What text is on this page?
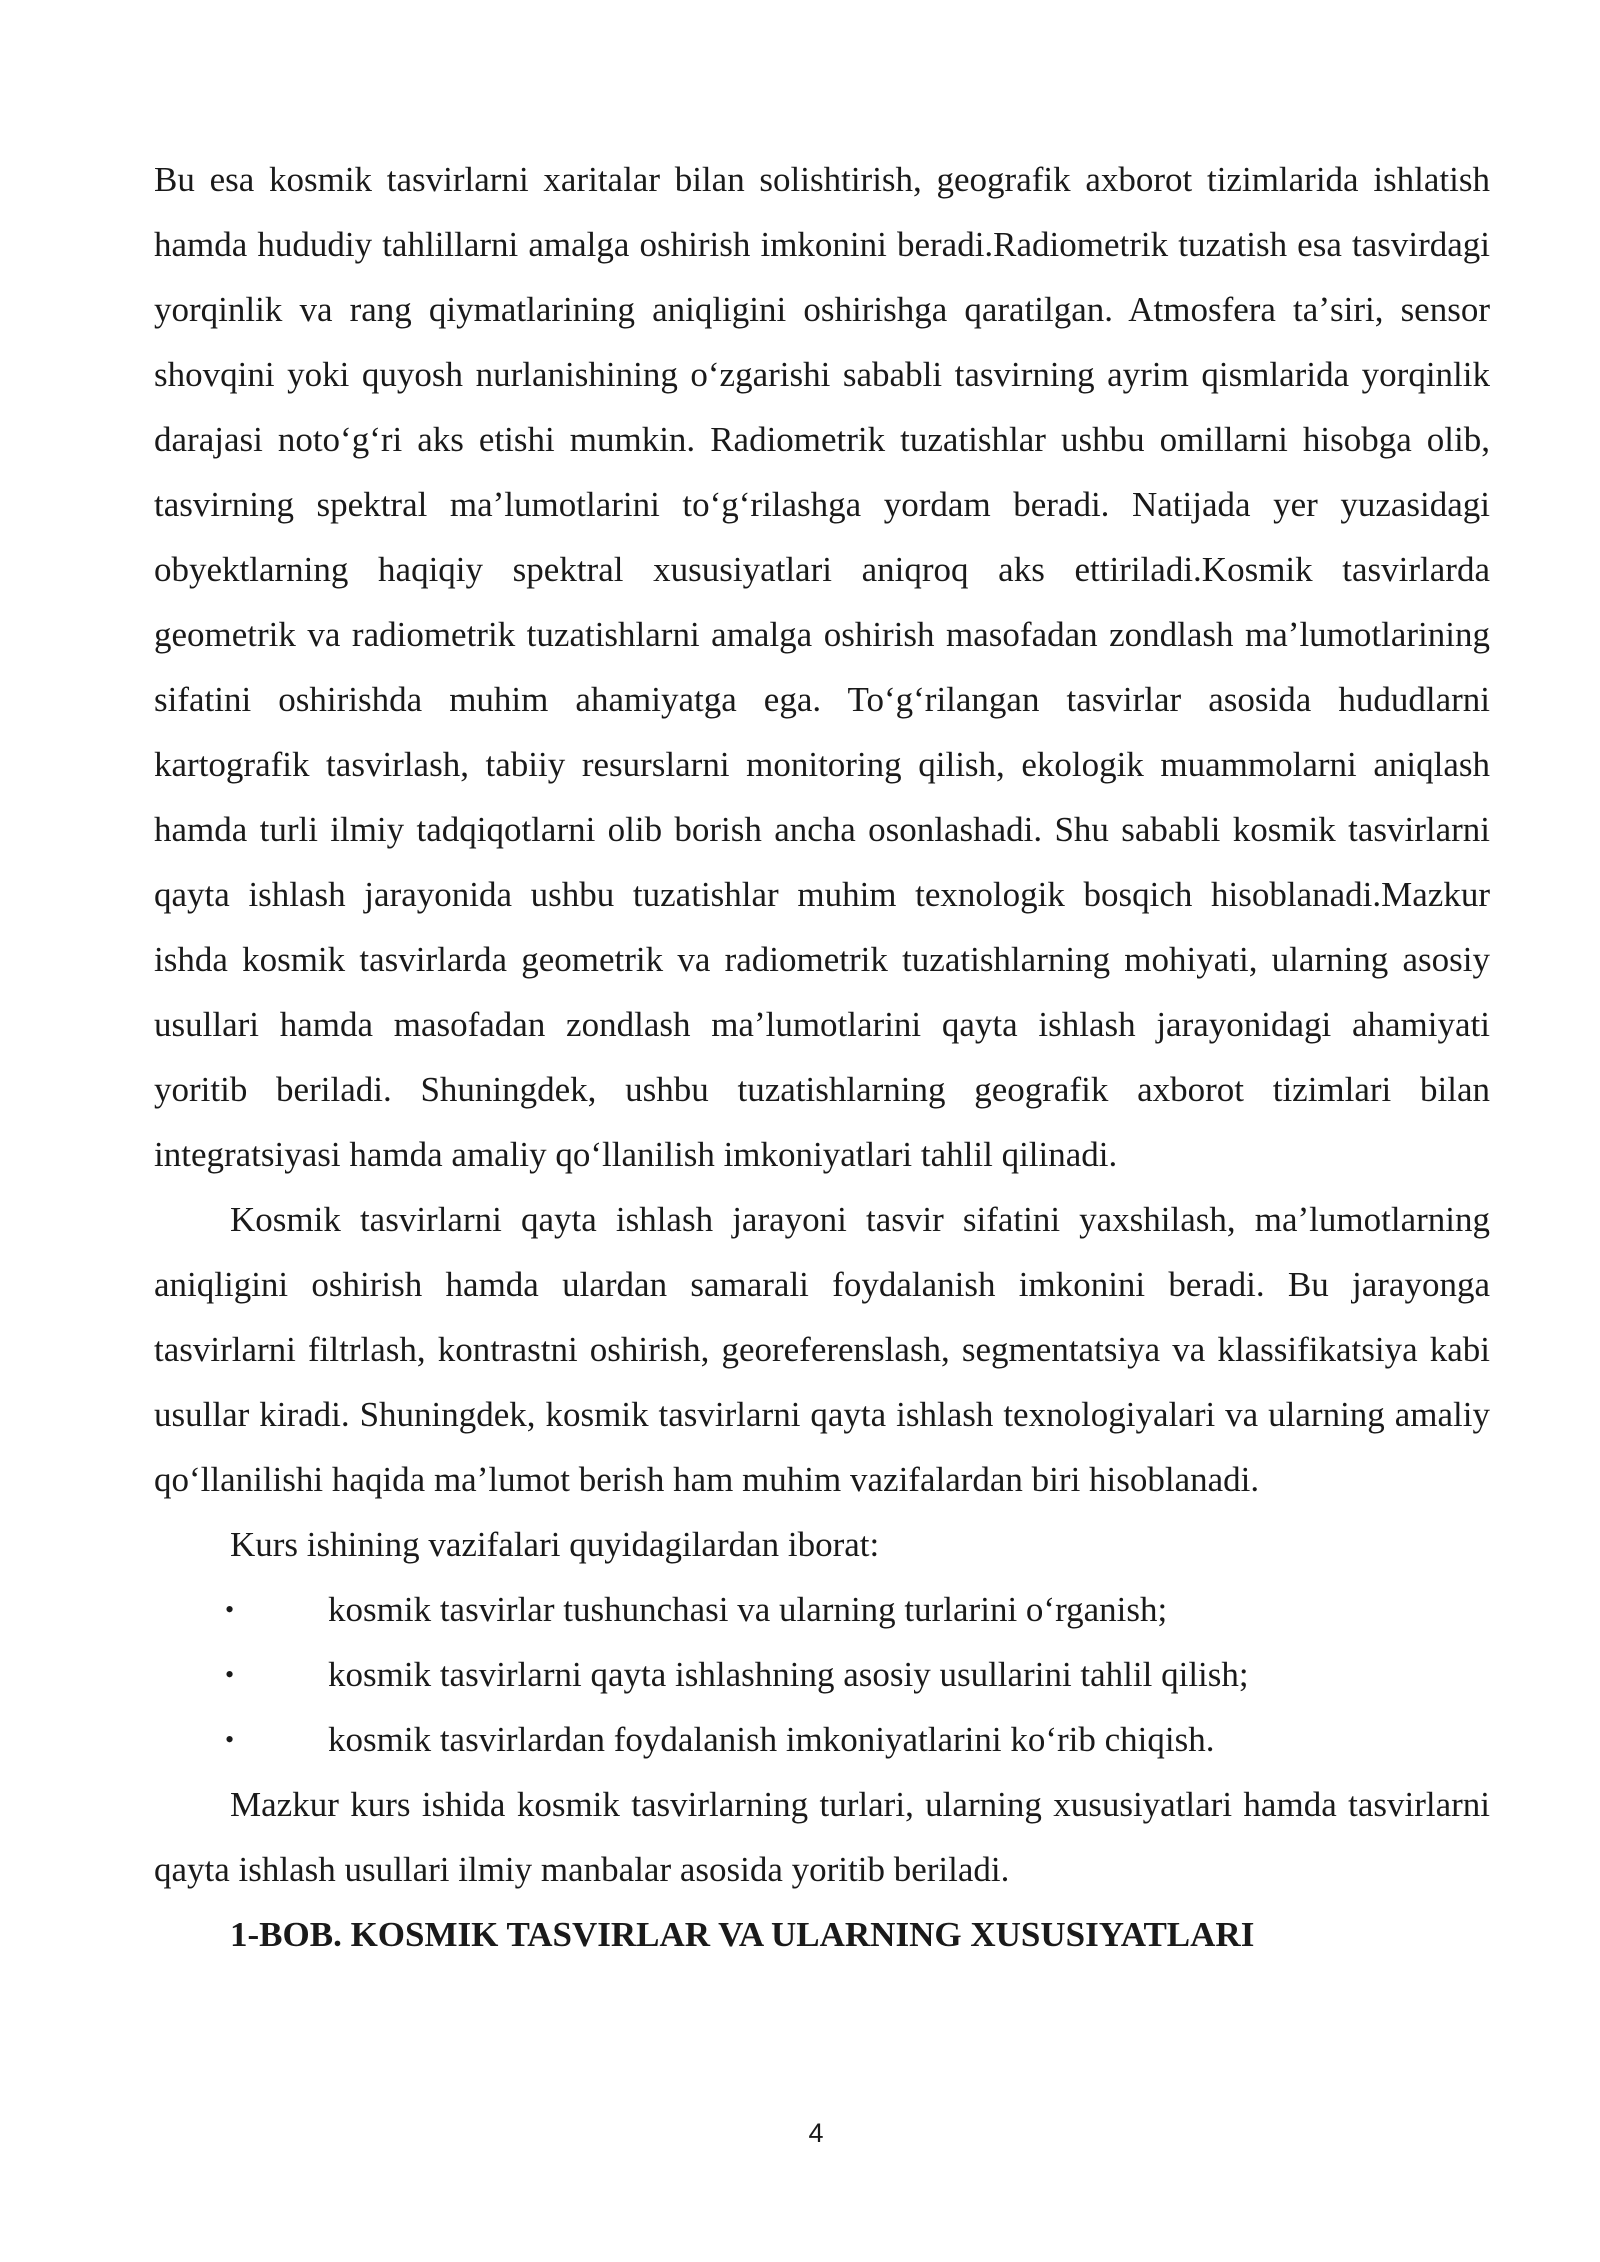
Bu esa kosmik tasvirlarni xaritalar bilan solishtirish, geografik axborot tizimlarida ishlatish hamda hududiy tahlillarni amalga oshirish imkonini beradi.Radiometrik tuzatish esa tasvirdagi yorqinlik va rang qiymatlarining aniqligini oshirishga qaratilgan. Atmosfera taʼsiri, sensor shovqini yoki quyosh nurlanishining oʻzgarishi sababli tasvirning ayrim qismlarida yorqinlik darajasi notoʻgʻri aks etishi mumkin. Radiometrik tuzatishlar ushbu omillarni hisobga olib, tasvirning spektral maʼlumotlarini toʻgʻrilashga yordam beradi. Natijada yer yuzasidagi obyektlarning haqiqiy spektral xususiyatlari aniqroq aks ettiriladi.Kosmik tasvirlarda geometrik va radiometrik tuzatishlarni amalga oshirish masofadan zondlash maʼlumotlarining sifatini oshirishda muhim ahamiyatga ega. Toʻgʻrilangan tasvirlar asosida hududlarni kartografik tasvirlash, tabiiy resurslarni monitoring qilish, ekologik muammolarni aniqlash hamda turli ilmiy tadqiqotlarni olib borish ancha osonlashadi. Shu sababli kosmik tasvirlarni qayta ishlash jarayonida ushbu tuzatishlar muhim texnologik bosqich hisoblanadi.Mazkur ishda kosmik tasvirlarda geometrik va radiometrik tuzatishlarning mohiyati, ularning asosiy usullari hamda masofadan zondlash maʼlumotlarini qayta ishlash jarayonidagi ahamiyati yoritib beriladi. Shuningdek, ushbu tuzatishlarning geografik axborot tizimlari bilan integratsiyasi hamda amaliy qoʻllanilish imkoniyatlari tahlil qilinadi.

Kosmik tasvirlarni qayta ishlash jarayoni tasvir sifatini yaxshilash, maʼlumotlarning aniqligini oshirish hamda ulardan samarali foydalanish imkonini beradi. Bu jarayonga tasvirlarni filtrlash, kontrastni oshirish, georeferenslash, segmentatsiya va klassifikatsiya kabi usullar kiradi. Shuningdek, kosmik tasvirlarni qayta ishlash texnologiyalari va ularning amaliy qoʻllanilishi haqida maʼlumot berish ham muhim vazifalardan biri hisoblanadi.

Kurs ishining vazifalari quyidagilardan iborat:

•	kosmik tasvirlar tushunchasi va ularning turlarini oʻrganish;
•	kosmik tasvirlarni qayta ishlashning asosiy usullarini tahlil qilish;
•	kosmik tasvirlardan foydalanish imkoniyatlarini koʻrib chiqish.

Mazkur kurs ishida kosmik tasvirlarning turlari, ularning xususiyatlari hamda tasvirlarni qayta ishlash usullari ilmiy manbalar asosida yoritib beriladi.

1-BOB. KOSMIK TASVIRLAR VA ULARNING XUSUSIYATLARI
4
